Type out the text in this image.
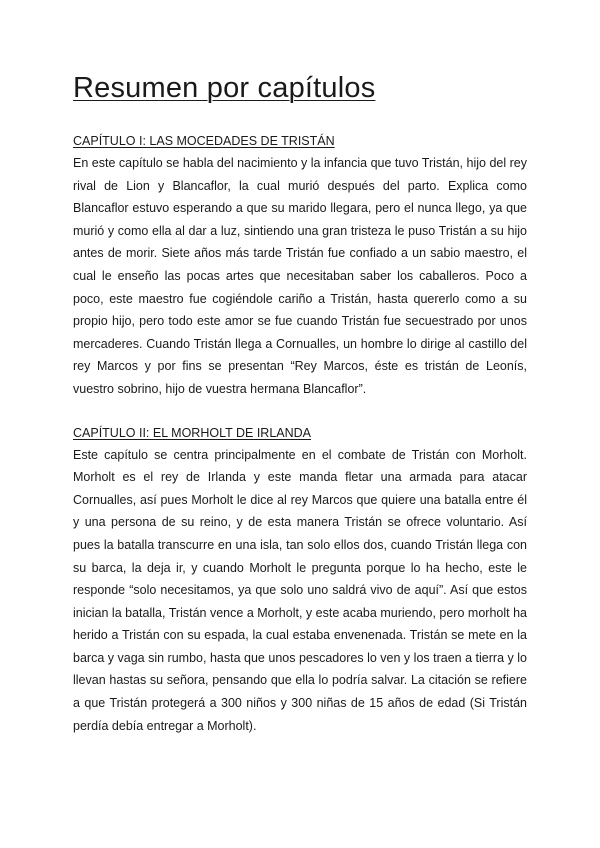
Resumen por capítulos

CAPÍTULO I: LAS MOCEDADES DE TRISTÁN

En este capítulo se habla del nacimiento y la infancia que tuvo Tristán, hijo del rey rival de Lion y Blancaflor, la cual murió después del parto. Explica como Blancaflor estuvo esperando a que su marido llegara, pero el nunca llego, ya que murió y como ella al dar a luz, sintiendo una gran tristeza le puso Tristán a su hijo antes de morir. Siete años más tarde Tristán fue confiado a un sabio maestro, el cual le enseño las pocas artes que necesitaban saber los caballeros. Poco a poco, este maestro fue cogiéndole cariño a Tristán, hasta quererlo como a su propio hijo, pero todo este amor se fue cuando Tristán fue secuestrado por unos mercaderes. Cuando Tristán llega a Cornualles, un hombre lo dirige al castillo del rey Marcos y por fins se presentan “Rey Marcos, éste es tristán de Leonís, vuestro sobrino, hijo de vuestra hermana Blancaflor”.

CAPÍTULO II: EL MORHOLT DE IRLANDA

Este capítulo se centra principalmente en el combate de Tristán con Morholt. Morholt es el rey de Irlanda y este manda fletar una armada para atacar Cornualles, así pues Morholt le dice al rey Marcos que quiere una batalla entre él y una persona de su reino, y de esta manera Tristán se ofrece voluntario. Así pues la batalla transcurre en una isla, tan solo ellos dos, cuando Tristán llega con su barca, la deja ir, y cuando Morholt le pregunta porque lo ha hecho, este le responde “solo necesitamos, ya que solo uno saldrá vivo de aquí”. Así que estos inician la batalla, Tristán vence a Morholt, y este acaba muriendo, pero morholt ha herido a Tristán con su espada, la cual estaba envenenada. Tristán se mete en la barca y vaga sin rumbo, hasta que unos pescadores lo ven y los traen a tierra y lo llevan hastas su señora, pensando que ella lo podría salvar. La citación se refiere a que Tristán protegerá a 300 niños y 300 niñas de 15 años de edad (Si Tristán perdía debía entregar a Morholt).
